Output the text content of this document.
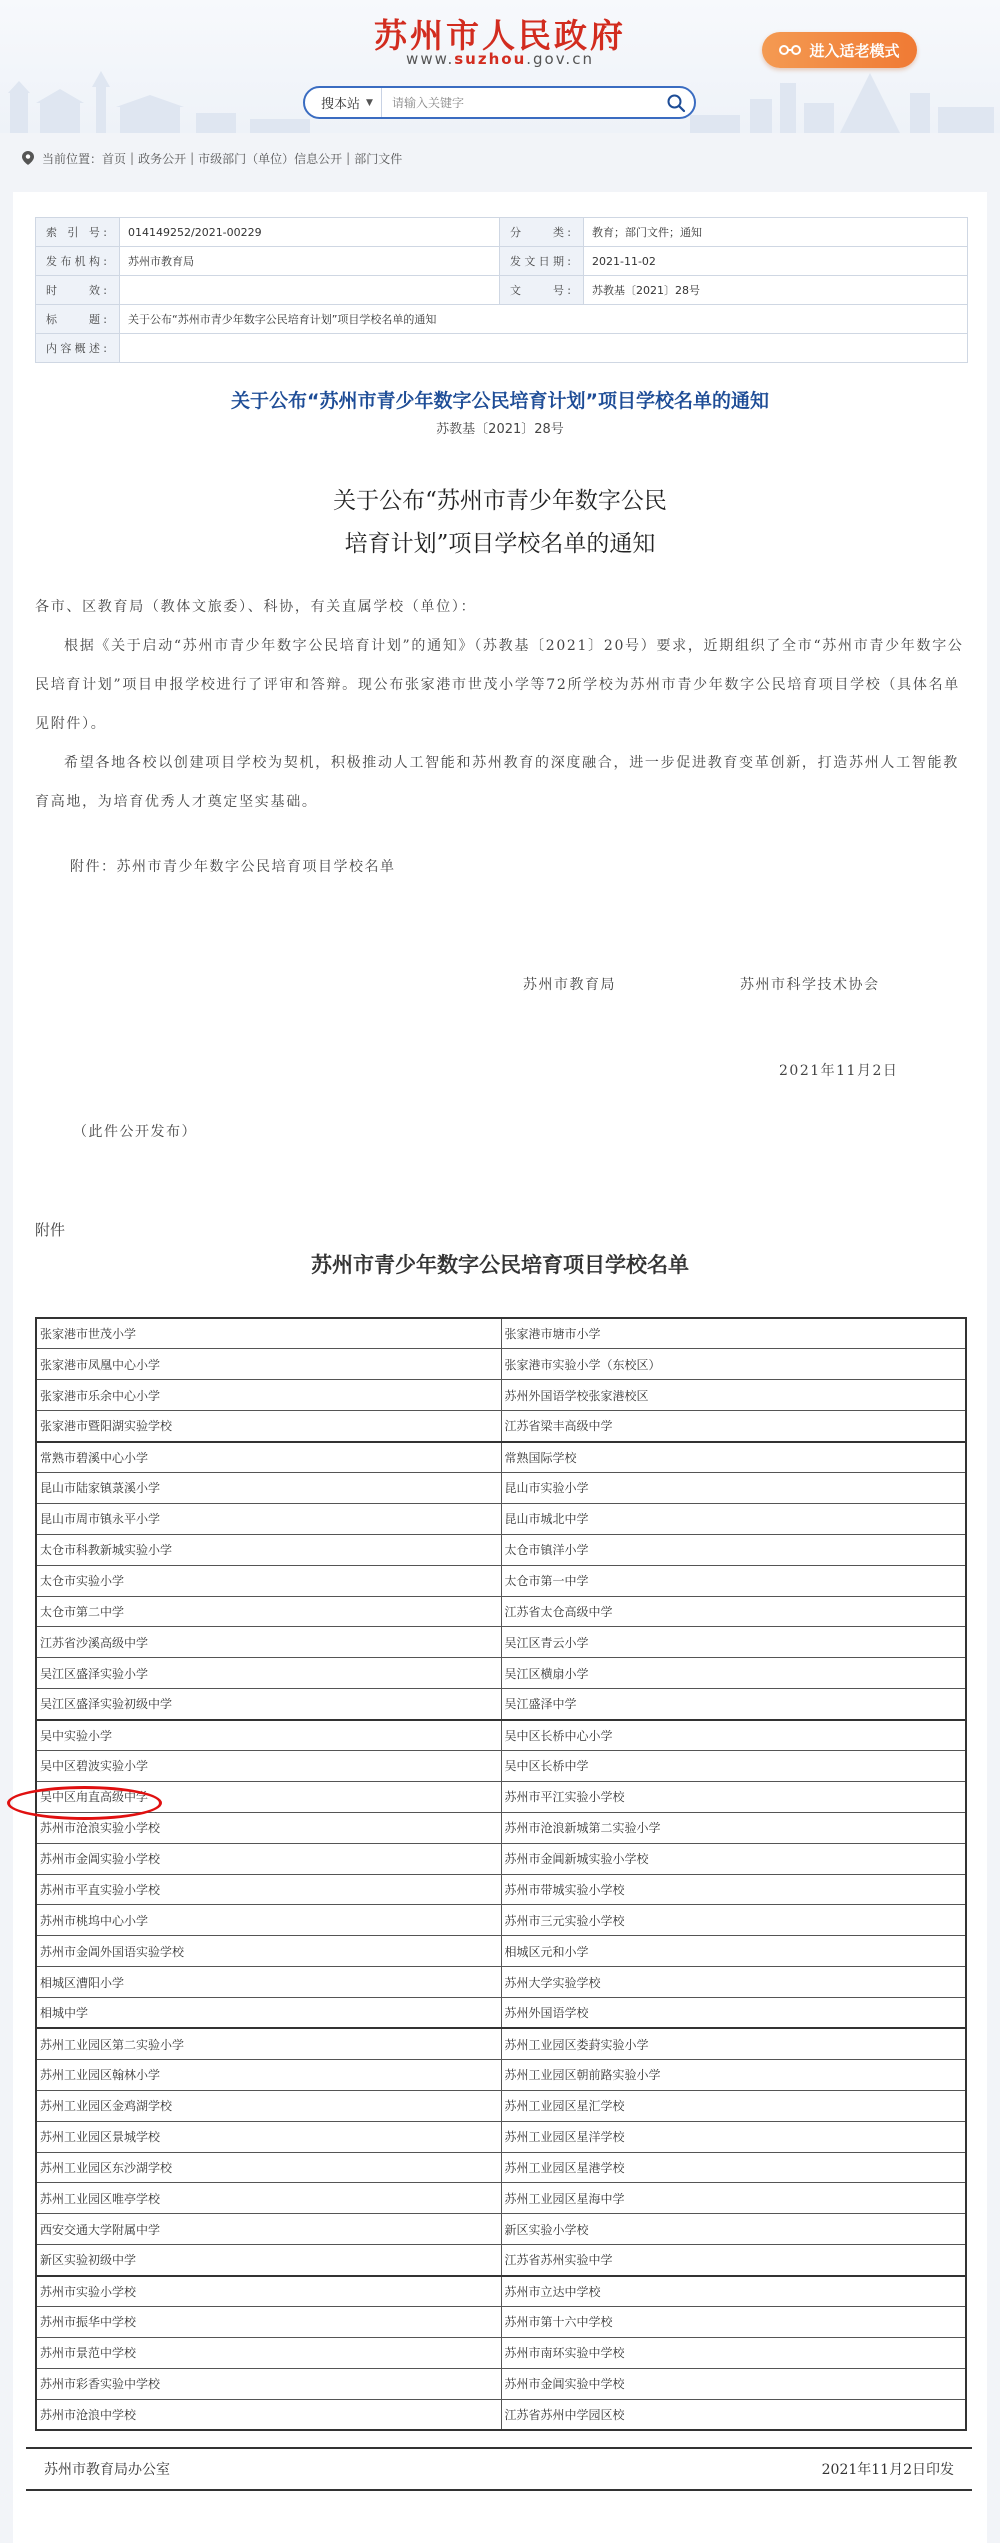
苏州市人民政府
www.suzhou.gov.cn
搜本站 ▼
请输入关键字
进入适老模式
当前位置： 首页 | 政务公开 | 市级部门（单位）信息公开 | 部门文件
索 引 号:	014149252/2021-00229	分　　类:	教育；部门文件；通知
发布机构:	苏州市教育局	发文日期:	2021-11-02
时　　效:		文　　号:	苏教基〔2021〕28号
标　　题:	关于公布“苏州市青少年数字公民培育计划”项目学校名单的通知		
内容概述:			
关于公布“苏州市青少年数字公民培育计划”项目学校名单的通知
苏教基〔2021〕28号
关于公布“苏州市青少年数字公民
培育计划”项目学校名单的通知
各市、区教育局（教体文旅委）、科协，有关直属学校（单位）：
根据《关于启动“苏州市青少年数字公民培育计划”的通知》（苏教基〔2021〕20号）要求，近期组织了全市“苏州市青少年数字公民培育计划”项目申报学校进行了评审和答辩。现公布张家港市世茂小学等72所学校为苏州市青少年数字公民培育项目学校（具体名单见附件）。
希望各地各校以创建项目学校为契机，积极推动人工智能和苏州教育的深度融合，进一步促进教育变革创新，打造苏州人工智能教育高地，为培育优秀人才奠定坚实基础。
附件：苏州市青少年数字公民培育项目学校名单
苏州市教育局	苏州市科学技术协会
2021年11月2日
（此件公开发布）
附件
苏州市青少年数字公民培育项目学校名单
张家港市世茂小学	张家港市塘市小学
张家港市凤凰中心小学	张家港市实验小学（东校区）
张家港市乐余中心小学	苏州外国语学校张家港校区
张家港市暨阳湖实验学校	江苏省梁丰高级中学
常熟市碧溪中心小学	常熟国际学校
昆山市陆家镇菉溪小学	昆山市实验小学
昆山市周市镇永平小学	昆山市城北中学
太仓市科教新城实验小学	太仓市镇洋小学
太仓市实验小学	太仓市第一中学
太仓市第二中学	江苏省太仓高级中学
江苏省沙溪高级中学	吴江区青云小学
吴江区盛泽实验小学	吴江区横扇小学
吴江区盛泽实验初级中学	吴江盛泽中学
吴中实验小学	吴中区长桥中心小学
吴中区碧波实验小学	吴中区长桥中学
吴中区甪直高级中学	苏州市平江实验小学校
苏州市沧浪实验小学校	苏州市沧浪新城第二实验小学
苏州市金阊实验小学校	苏州市金阊新城实验小学校
苏州市平直实验小学校	苏州市带城实验小学校
苏州市桃坞中心小学	苏州市三元实验小学校
苏州市金阊外国语实验学校	相城区元和小学
相城区漕阳小学	苏州大学实验学校
相城中学	苏州外国语学校
苏州工业园区第二实验小学	苏州工业园区娄葑实验小学
苏州工业园区翰林小学	苏州工业园区朝前路实验小学
苏州工业园区金鸡湖学校	苏州工业园区星汇学校
苏州工业园区景城学校	苏州工业园区星洋学校
苏州工业园区东沙湖学校	苏州工业园区星港学校
苏州工业园区唯亭学校	苏州工业园区星海中学
西安交通大学附属中学	新区实验小学校
新区实验初级中学	江苏省苏州实验中学
苏州市实验小学校	苏州市立达中学校
苏州市振华中学校	苏州市第十六中学校
苏州市景范中学校	苏州市南环实验中学校
苏州市彩香实验中学校	苏州市金阊实验中学校
苏州市沧浪中学校	江苏省苏州中学园区校
苏州市教育局办公室	2021年11月2日印发
